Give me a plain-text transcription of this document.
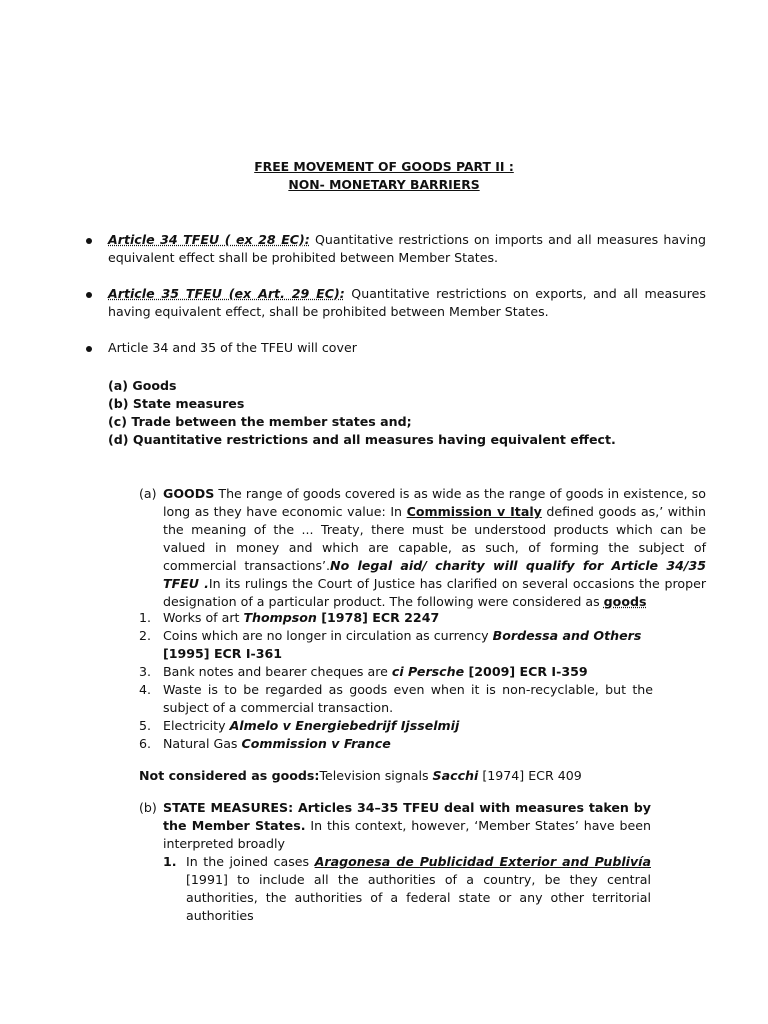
FREE MOVEMENT OF GOODS PART II :
NON- MONETARY BARRIERS
Article 34 TFEU ( ex 28 EC): Quantitative restrictions on imports and all measures having equivalent effect shall be prohibited between Member States.
Article 35 TFEU (ex Art. 29 EC): Quantitative restrictions on exports, and all measures having equivalent effect, shall be prohibited between Member States.
Article 34 and 35 of the TFEU will cover
(a) Goods
(b) State measures
(c) Trade between the member states and;
(d) Quantitative restrictions and all measures having equivalent effect.
(a) GOODS The range of goods covered is as wide as the range of goods in existence, so long as they have economic value: In Commission v Italy defined goods as,’ within the meaning of the ... Treaty, there must be understood products which can be valued in money and which are capable, as such, of forming the subject of commercial transactions’.No legal aid/ charity will qualify for Article 34/35 TFEU .In its rulings the Court of Justice has clarified on several occasions the proper designation of a particular product. The following were considered as goods
1. Works of art Thompson [1978] ECR 2247
2. Coins which are no longer in circulation as currency Bordessa and Others
[1995] ECR I-361
3. Bank notes and bearer cheques are ci Persche [2009] ECR I-359
4. Waste is to be regarded as goods even when it is non-recyclable, but the subject of a commercial transaction.
5. Electricity Almelo v Energiebedrijf Ijsselmij
6. Natural Gas Commission v France
Not considered as goods:Television signals Sacchi [1974] ECR 409
(b) STATE MEASURES: Articles 34–35 TFEU deal with measures taken by the Member States. In this context, however, ‘Member States’ have been interpreted broadly
1. In the joined cases Aragonesa de Publicidad Exterior and Publivía [1991] to include all the authorities of a country, be they central authorities, the authorities of a federal state or any other territorial authorities
